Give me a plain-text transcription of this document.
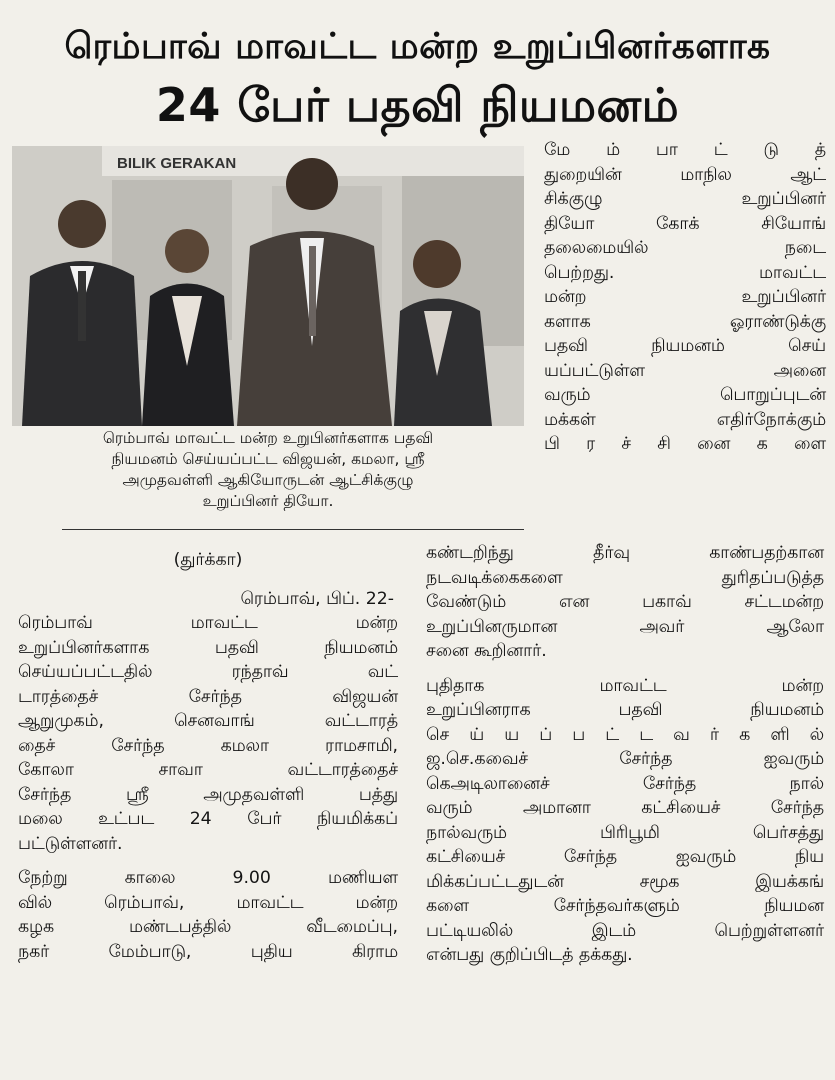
ரெம்பாவ் மாவட்ட மன்ற உறுப்பினர்களாக
24 பேர் பதவி நியமனம்
BILIK GERAKAN
ரெம்பாவ் மாவட்ட மன்ற உறுபினர்களாக பதவி
நியமனம் செய்யப்பட்ட விஜயன், கமலா, ஸ்ரீ
அமுதவள்ளி ஆகியோருடன் ஆட்சிக்குழு
உறுப்பினர் தியோ.
மே ம் பா ட் டு த்
துறையின் மாநில ஆட்
சிக்குழு உறுப்பினர்
தியோ கோக் சியோங்
தலைமையில் நடை
பெற்றது. மாவட்ட
மன்ற உறுப்பினர்
களாக ஓராண்டுக்கு
பதவி நியமனம் செய்
யப்பட்டுள்ள அனை
வரும் பொறுப்புடன்
மக்கள் எதிர்நோக்கும்
பி ர ச் சி னை க ளை
(துர்க்கா)
ரெம்பாவ், பிப். 22-
ரெம்பாவ் மாவட்ட மன்ற
உறுப்பினர்களாக பதவி நியமனம்
செய்யப்பட்டதில் ரந்தாவ் வட்
டாரத்தைச் சேர்ந்த விஜயன்
ஆறுமுகம், செனவாங் வட்டாரத்
தைச் சேர்ந்த கமலா ராமசாமி,
கோலா சாவா வட்டாரத்தைச்
சேர்ந்த ஸ்ரீ அமுதவள்ளி பத்து
மலை உட்பட 24 பேர் நியமிக்கப்
பட்டுள்ளனர்.
நேற்று காலை 9.00 மணியள
வில் ரெம்பாவ், மாவட்ட மன்ற
கழக மண்டபத்தில் வீடமைப்பு,
நகர் மேம்பாடு, புதிய கிராம
கண்டறிந்து தீர்வு காண்பதற்கான
நடவடிக்கைகளை துரிதப்படுத்த
வேண்டும் என பகாவ் சட்டமன்ற
உறுப்பினருமான அவர் ஆலோ
சனை கூறினார்.
புதிதாக மாவட்ட மன்ற
உறுப்பினராக பதவி நியமனம்
செ ய் ய ப் ப ட் ட வ ர் க ளி ல்
ஜ.செ.கவைச் சேர்ந்த ஐவரும்
கெஅடிலானைச் சேர்ந்த நால்
வரும் அமானா கட்சியைச் சேர்ந்த
நால்வரும் பிரிபூமி பெர்சத்து
கட்சியைச் சேர்ந்த ஐவரும் நிய
மிக்கப்பட்டதுடன் சமூக இயக்கங்
களை சேர்ந்தவர்களும் நியமன
பட்டியலில் இடம் பெற்றுள்ளனர்
என்பது குறிப்பிடத் தக்கது.
